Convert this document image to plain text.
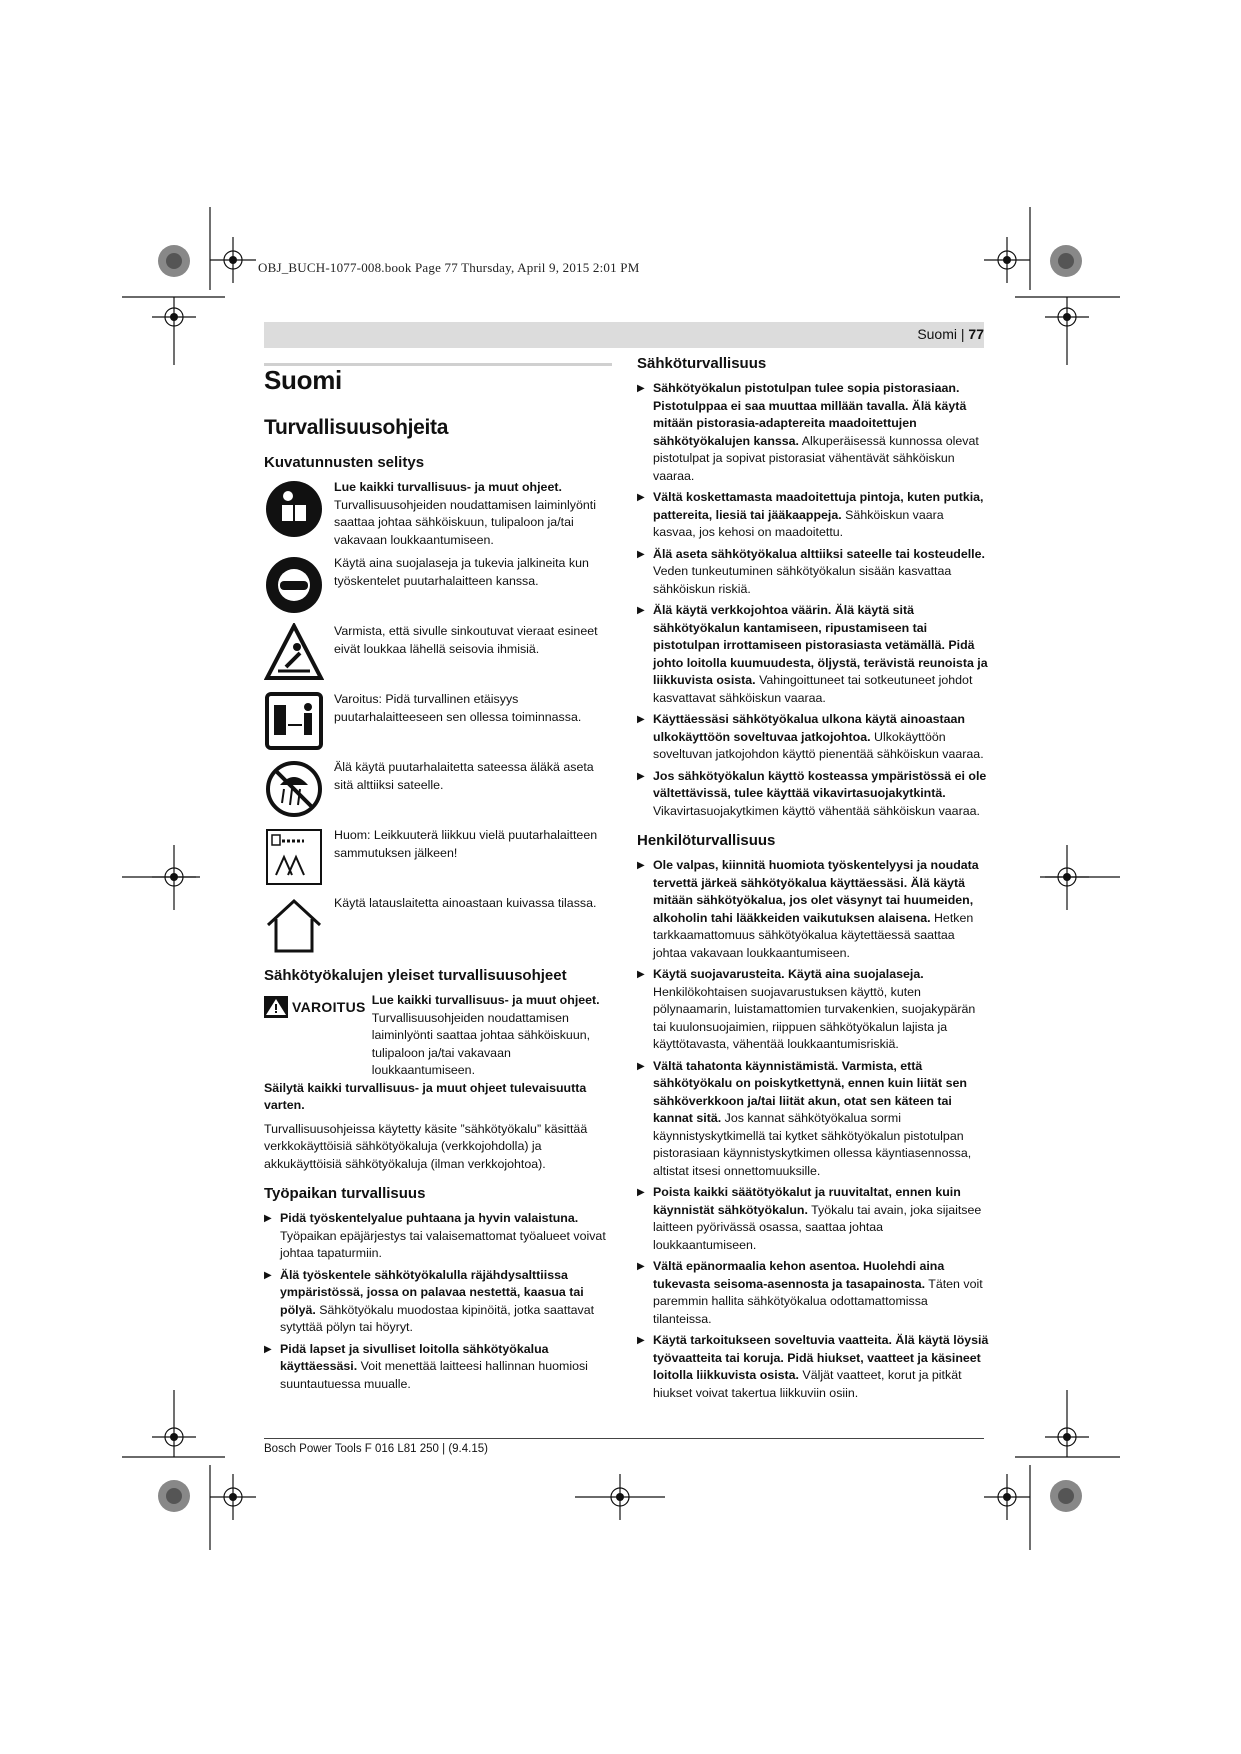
OBJ_BUCH-1077-008.book Page 77 Thursday, April 9, 2015 2:01 PM
Suomi | 77
Suomi
Turvallisuusohjeita
Kuvatunnusten selitys
Lue kaikki turvallisuus- ja muut ohjeet. Turvallisuusohjeiden noudattamisen laiminlyönti saattaa johtaa sähköiskuun, tulipaloon ja/tai vakavaan loukkaantumiseen.
Käytä aina suojalaseja ja tukevia jalkineita kun työskentelet puutarhalaitteen kanssa.
Varmista, että sivulle sinkoutuvat vieraat esineet eivät loukkaa lähellä seisovia ihmisiä.
Varoitus: Pidä turvallinen etäisyys puutarhalaitteeseen sen ollessa toiminnassa.
Älä käytä puutarhalaitetta sateessa äläkä aseta sitä alttiiksi sateelle.
Huom: Leikkuuterä liikkuu vielä puutarhalaitteen sammutuksen jälkeen!
Käytä latauslaitetta ainoastaan kuivassa tilassa.
Sähkötyökalujen yleiset turvallisuusohjeet
VAROITUS Lue kaikki turvallisuus- ja muut ohjeet. Turvallisuusohjeiden noudattamisen laiminlyönti saattaa johtaa sähköiskuun, tulipaloon ja/tai vakavaan loukkaantumiseen.

Säilytä kaikki turvallisuus- ja muut ohjeet tulevaisuutta varten.

Turvallisuusohjeissa käytetty käsite ”sähkötyökalu” käsittää verkkokäyttöisiä sähkötyökaluja (verkkojohdolla) ja akkukäyttöisiä sähkötyökaluja (ilman verkkojohtoa).

Työpaikan turvallisuus
▶ Pidä työskentelyalue puhtaana ja hyvin valaistuna. Työpaikan epäjärjestys tai valaisemattomat työalueet voivat johtaa tapaturmiin.
▶ Älä työskentele sähkötyökalulla räjähdysalttiissa ympäristössä, jossa on palavaa nestettä, kaasua tai pölyä. Sähkötyökalu muodostaa kipinöitä, jotka saattavat sytyttää pölyn tai höyryt.
▶ Pidä lapset ja sivulliset loitolla sähkötyökalua käyttäessäsi. Voit menettää laitteesi hallinnan huomiosi suuntautuessa muualle.
Sähköturvallisuus
▶ Sähkötyökalun pistotulpan tulee sopia pistorasiaan. Pistotulppaa ei saa muuttaa millään tavalla. Älä käytä mitään pistorasia-adaptereita maadoitettujen sähkötyökalujen kanssa. Alkuperäisessä kunnossa olevat pistotulpat ja sopivat pistorasiat vähentävät sähköiskun vaaraa.
▶ Vältä koskettamasta maadoitettuja pintoja, kuten putkia, pattereita, liesiä tai jääkaappeja. Sähköiskun vaara kasvaa, jos kehosi on maadoitettu.
▶ Älä aseta sähkötyökalua alttiiksi sateelle tai kosteudelle. Veden tunkeutuminen sähkötyökalun sisään kasvattaa sähköiskun riskiä.
▶ Älä käytä verkkojohtoa väärin. Älä käytä sitä sähkötyökalun kantamiseen, ripustamiseen tai pistotulpan irrottamiseen pistorasiasta vetämällä. Pidä johto loitolla kuumuudesta, öljystä, terävistä reunoista ja liikkuvista osista. Vahingoittuneet tai sotkeutuneet johdot kasvattavat sähköiskun vaaraa.
▶ Käyttäessäsi sähkötyökalua ulkona käytä ainoastaan ulkokäyttöön soveltuvaa jatkojohtoa. Ulkokäyttöön soveltuvan jatkojohdon käyttö pienentää sähköiskun vaaraa.
▶ Jos sähkötyökalun käyttö kosteassa ympäristössä ei ole vältettävissä, tulee käyttää vikavirtasuojakytkintä. Vikavirtasuojakytkimen käyttö vähentää sähköiskun vaaraa.
Henkilöturvallisuus
▶ Ole valpas, kiinnitä huomiota työskentelyysi ja noudata tervettä järkeä sähkötyökalua käyttäessäsi. Älä käytä mitään sähkötyökalua, jos olet väsynyt tai huumeiden, alkoholin tahi lääkkeiden vaikutuksen alaisena. Hetken tarkkaamattomuus sähkötyökalua käytettäessä saattaa johtaa vakavaan loukkaantumiseen.
▶ Käytä suojavarusteita. Käytä aina suojalaseja. Henkilökohtaisen suojavarustuksen käyttö, kuten pölynaamarin, luistamattomien turvakenkien, suojakypärän tai kuulonsuojaimien, riippuen sähkötyökalun lajista ja käyttötavasta, vähentää loukkaantumisriskiä.
▶ Vältä tahatonta käynnistämistä. Varmista, että sähkötyökalu on poiskytkettynä, ennen kuin liität sen sähköverkkoon ja/tai liität akun, otat sen käteen tai kannat sitä. Jos kannat sähkötyökalua sormi käynnistyskytkimellä tai kytket sähkötyökalun pistotulpan pistorasiaan käynnistyskytkimen ollessa käyntiasennossa, altistat itsesi onnettomuuksille.
▶ Poista kaikki säätötyökalut ja ruuvitaltat, ennen kuin käynnistät sähkötyökalun. Työkalu tai avain, joka sijaitsee laitteen pyörivässä osassa, saattaa johtaa loukkaantumiseen.
▶ Vältä epänormaalia kehon asentoa. Huolehdi aina tukevasta seisoma-asennosta ja tasapainosta. Täten voit paremmin hallita sähkötyökalua odottamattomissa tilanteissa.
▶ Käytä tarkoitukseen soveltuvia vaatteita. Älä käytä löysiä työvaatteita tai koruja. Pidä hiukset, vaatteet ja käsineet loitolla liikkuvista osista. Väljät vaatteet, korut ja pitkät hiukset voivat takertua liikkuviin osiin.
Bosch Power Tools F 016 L81 250 | (9.4.15)
